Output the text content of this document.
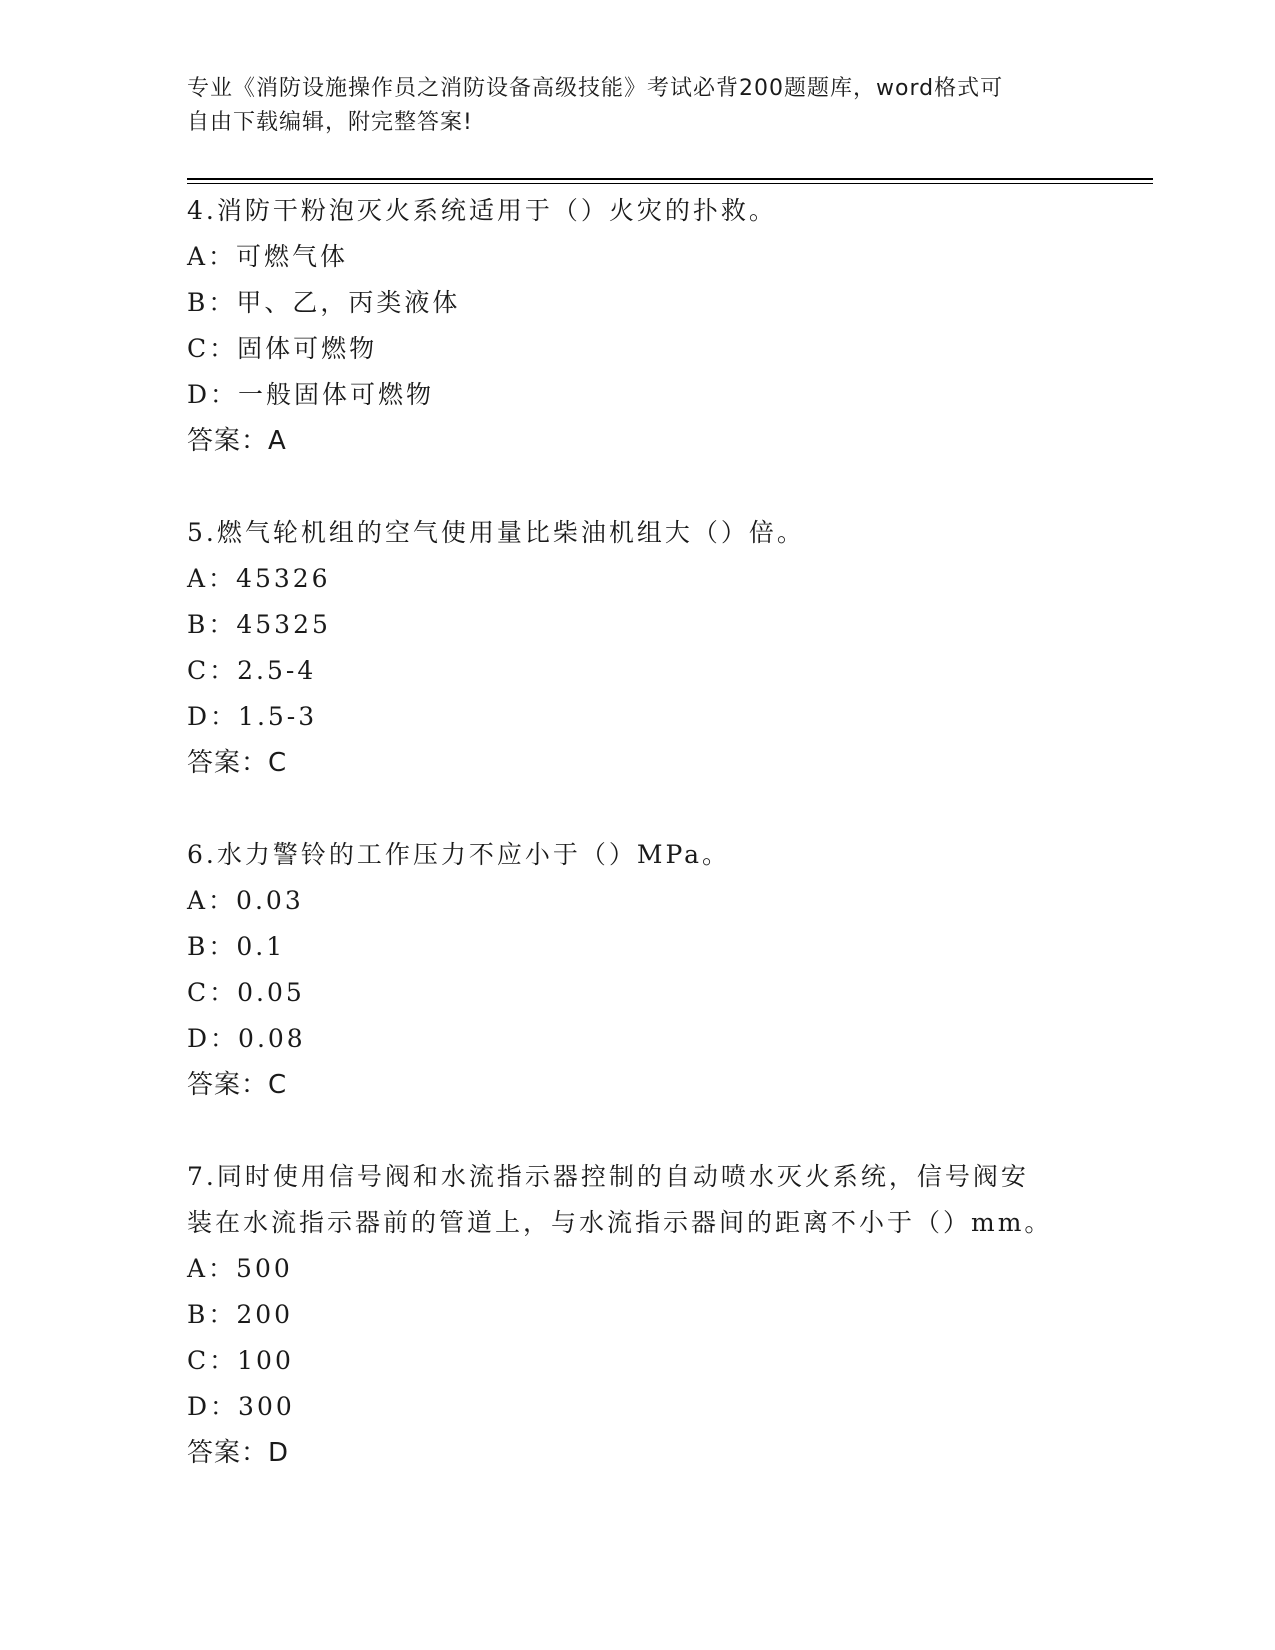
专业《消防设施操作员之消防设备高级技能》考试必背200题题库，word格式可
自由下载编辑，附完整答案!
4.消防干粉泡灭火系统适用于（）火灾的扑救。
A：可燃气体
B：甲、乙，丙类液体
C：固体可燃物
D：一般固体可燃物
答案：A
5.燃气轮机组的空气使用量比柴油机组大（）倍。
A：45326
B：45325
C：2.5-4
D：1.5-3
答案：C
6.水力警铃的工作压力不应小于（）MPa。
A：0.03
B：0.1
C：0.05
D：0.08
答案：C
7.同时使用信号阀和水流指示器控制的自动喷水灭火系统，信号阀安
装在水流指示器前的管道上，与水流指示器间的距离不小于（）mm。
A：500
B：200
C：100
D：300
答案：D
